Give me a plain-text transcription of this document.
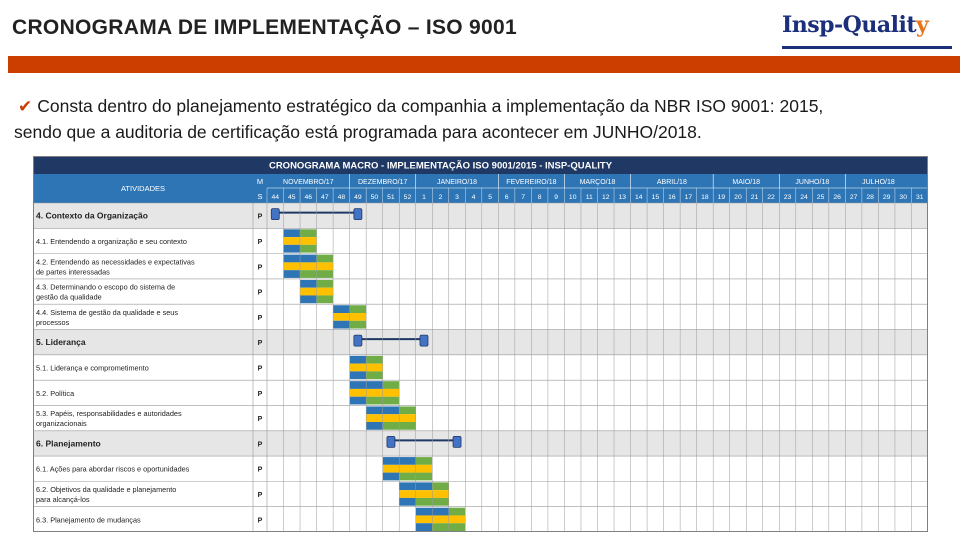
CRONOGRAMA DE IMPLEMENTAÇÃO – ISO 9001	Insp-Quality
✔ Consta dentro do planejamento estratégico da companhia a implementação da NBR ISO 9001: 2015,
sendo que a auditoria de certificação está programada para acontecer em JUNHO/2018.
CRONOGRAMA MACRO - IMPLEMENTAÇÃO ISO 9001/2015 - INSP-QUALITY
ATIVIDADES
M
S
NOVEMBRO/17	DEZEMBRO/17	JANEIRO/18	FEVEREIRO/18	MARÇO/18	ABRIL/18	MAIO/18	JUNHO/18	JULHO/18
44 45 46 47 48 49 50 51 52 1 2 3 4 5 6 7 8 9 10 11 12 13 14 15 16 17 18 19 20 21 22 23 24 25 26 27 28 29 30 31
4. Contexto da Organização	P
4.1. Entendendo a organização e seu contexto	P
4.2. Entendendo as necessidades e expectativas de partes interessadas	P
4.3. Determinando o escopo do sistema de gestão da qualidade	P
4.4. Sistema de gestão da qualidade e seus processos	P
5. Liderança	P
5.1. Liderança e comprometimento	P
5.2. Política	P
5.3. Papéis, responsabilidades e autoridades organizacionais	P
6. Planejamento	P
6.1. Ações para abordar riscos e oportunidades	P
6.2. Objetivos da qualidade e planejamento para alcançá-los	P
6.3. Planejamento de mudanças	P
